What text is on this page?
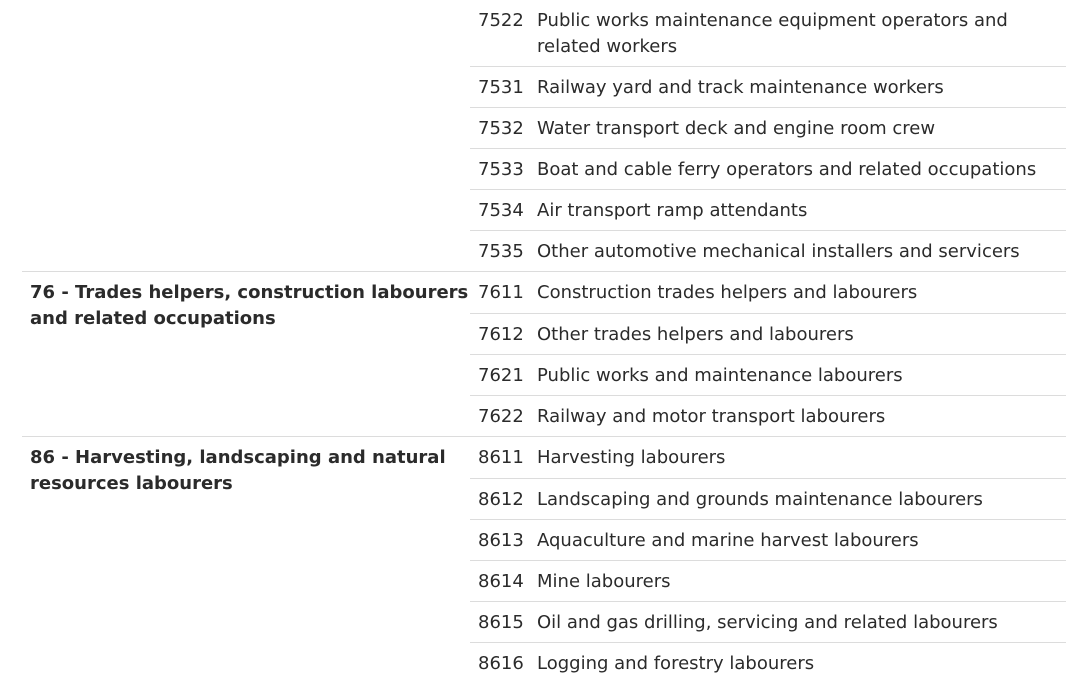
7522 Public works maintenance equipment operators and related workers
7531 Railway yard and track maintenance workers
7532 Water transport deck and engine room crew
7533 Boat and cable ferry operators and related occupations
7534 Air transport ramp attendants
7535 Other automotive mechanical installers and servicers
76 - Trades helpers, construction labourers and related occupations
7611 Construction trades helpers and labourers
7612 Other trades helpers and labourers
7621 Public works and maintenance labourers
7622 Railway and motor transport labourers
86 - Harvesting, landscaping and natural resources labourers
8611 Harvesting labourers
8612 Landscaping and grounds maintenance labourers
8613 Aquaculture and marine harvest labourers
8614 Mine labourers
8615 Oil and gas drilling, servicing and related labourers
8616 Logging and forestry labourers
